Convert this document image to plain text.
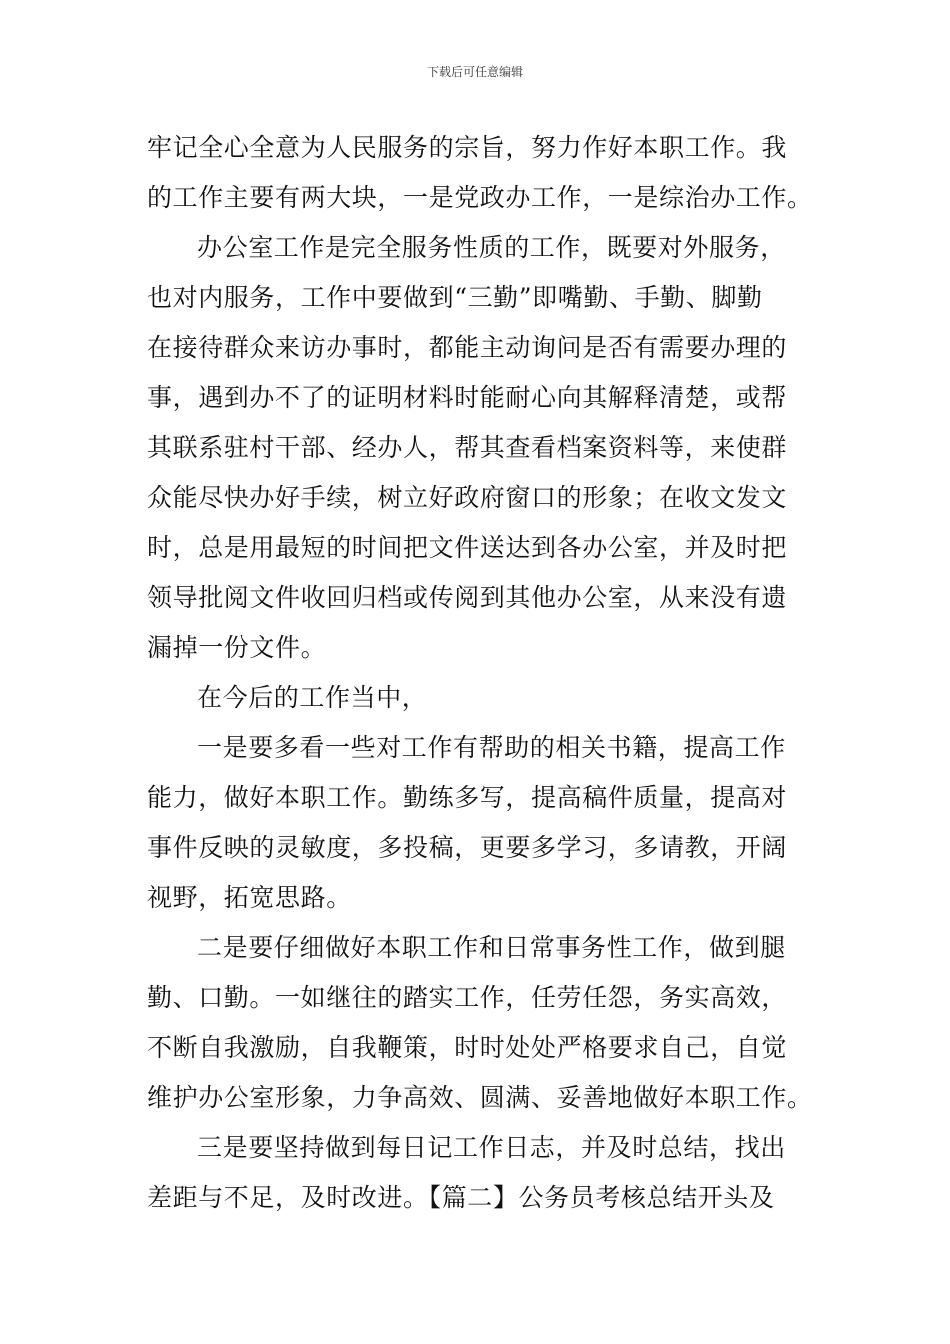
下载后可任意编辑
牢记全心全意为人民服务的宗旨，努力作好本职工作。我
的工作主要有两大块，一是党政办工作，一是综治办工作。
办公室工作是完全服务性质的工作，既要对外服务，
也对内服务，工作中要做到“三勤”即嘴勤、手勤、脚勤
在接待群众来访办事时，都能主动询问是否有需要办理的
事，遇到办不了的证明材料时能耐心向其解释清楚，或帮
其联系驻村干部、经办人，帮其查看档案资料等，来使群
众能尽快办好手续，树立好政府窗口的形象；在收文发文
时，总是用最短的时间把文件送达到各办公室，并及时把
领导批阅文件收回归档或传阅到其他办公室，从来没有遗
漏掉一份文件。
在今后的工作当中，
一是要多看一些对工作有帮助的相关书籍，提高工作
能力，做好本职工作。勤练多写，提高稿件质量，提高对
事件反映的灵敏度，多投稿，更要多学习，多请教，开阔
视野，拓宽思路。
二是要仔细做好本职工作和日常事务性工作，做到腿
勤、口勤。一如继往的踏实工作，任劳任怨，务实高效，
不断自我激励，自我鞭策，时时处处严格要求自己，自觉
维护办公室形象，力争高效、圆满、妥善地做好本职工作。
三是要坚持做到每日记工作日志，并及时总结，找出
差距与不足，及时改进。【篇二】公务员考核总结开头及
